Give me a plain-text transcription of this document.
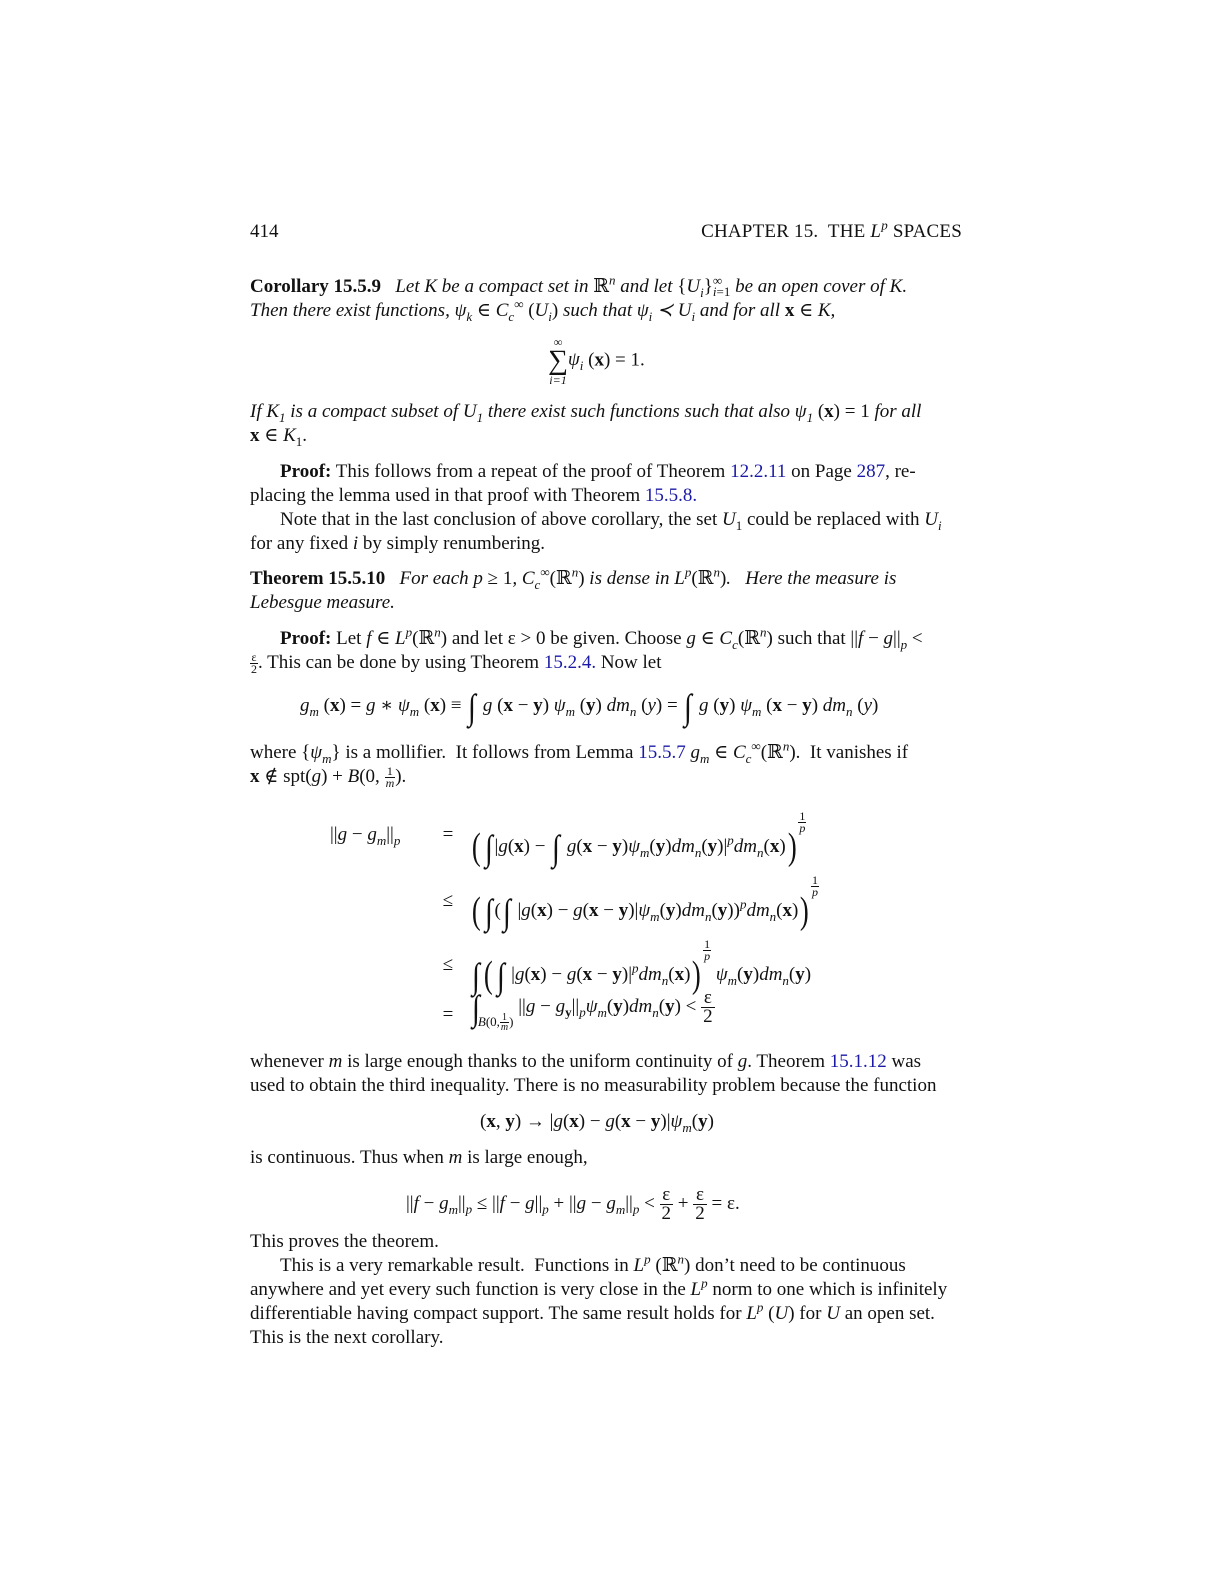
414	CHAPTER 15.  THE $L^p$ SPACES
Corollary 15.5.9   Let K be a compact set in ℝ$^n$ and let $\{U_i\}$ ∞
i=1 be an open cover of K.
Then there exist functions, $\psi_k$ ∈ $C_c^\infty$ $(U_i)$ such that $\psi_i$ ≺ $U_i$ and for all x ∈ K,
∞
∑
i=1
$\psi_i$ (x) = 1.
If $K_1$ is a compact subset of $U_1$ there exist such functions such that also $\psi_1$ (x) = 1 for all
x ∈ $K_1$.
Proof: This follows from a repeat of the proof of Theorem 12.2.11 on Page 287, re-
placing the lemma used in that proof with Theorem 15.5.8.
Note that in the last conclusion of above corollary, the set $U_1$ could be replaced with $U_i$
for any fixed i by simply renumbering.
Theorem 15.5.10   For each p ≥ 1, $C_c^\infty(ℝ^n)$ is dense in $L^p(ℝ^n)$.   Here the measure is
Lebesgue measure.
Proof: Let f ∈ $L^p(ℝ^n)$ and let ε > 0 be given. Choose g ∈ $C_c(ℝ^n)$ such that $||f - g||_p$ <
$\frac{\varepsilon}{2}$ . This can be done by using Theorem 15.2.4. Now let
$g_m$ (x) = g ∗ $\psi_m$ (x) ≡ ∫ g (x − y) $\psi_m$ (y) $dm_n$ (y) = ∫ g (y) $\psi_m$ (x − y) $dm_n$ (y)
where $\{\psi_m\}$ is a mollifier.  It follows from Lemma 15.5.7 $g_m$ ∈ $C_c^\infty(ℝ^n)$.  It vanishes if
x ∉ spt(g) + B(0, $\frac{1}{m}$ ).
$||g - g_m||_p$ = ( ∫ |g(x) − ∫ $g(x - y)\psi_m(y)dm_n(y)|^pdm_n(x)$)
$\frac{1}{p}$
≤ ( ∫ (∫ $|g(x) - g(x - y)|\psi_m(y)dm_n(y))^pdm_n(x)$)
$\frac{1}{p}$
≤ ∫ ( ∫ $|g(x) - g(x - y)|^pdm_n(x)$)
$\frac{1}{p}$
$\psi_m(y)dm_n(y)$
= $\int_{B(0, \frac{1}{m} )}$ $||g - g_y||_p\psi_m(y)dm_n(y) < \frac{\varepsilon}{2}$
whenever m is large enough thanks to the uniform continuity of g. Theorem 15.1.12 was
used to obtain the third inequality. There is no measurability problem because the function
(x, $y) \to |g(x) - g(x - y)|\psi_m(y)$
is continuous. Thus when m is large enough,
$||f - g_m||_p \le ||f - g||_p + ||g - g_m||_p < \frac{\varepsilon}{2} + \frac{\varepsilon}{2} = \varepsilon$.
This proves the theorem.
This is a very remarkable result.  Functions in $L^p$ (ℝ$^n$) don’t need to be continuous
anywhere and yet every such function is very close in the $L^p$ norm to one which is infinitely
differentiable having compact support. The same result holds for $L^p$ (U) for U an open set.
This is the next corollary.
